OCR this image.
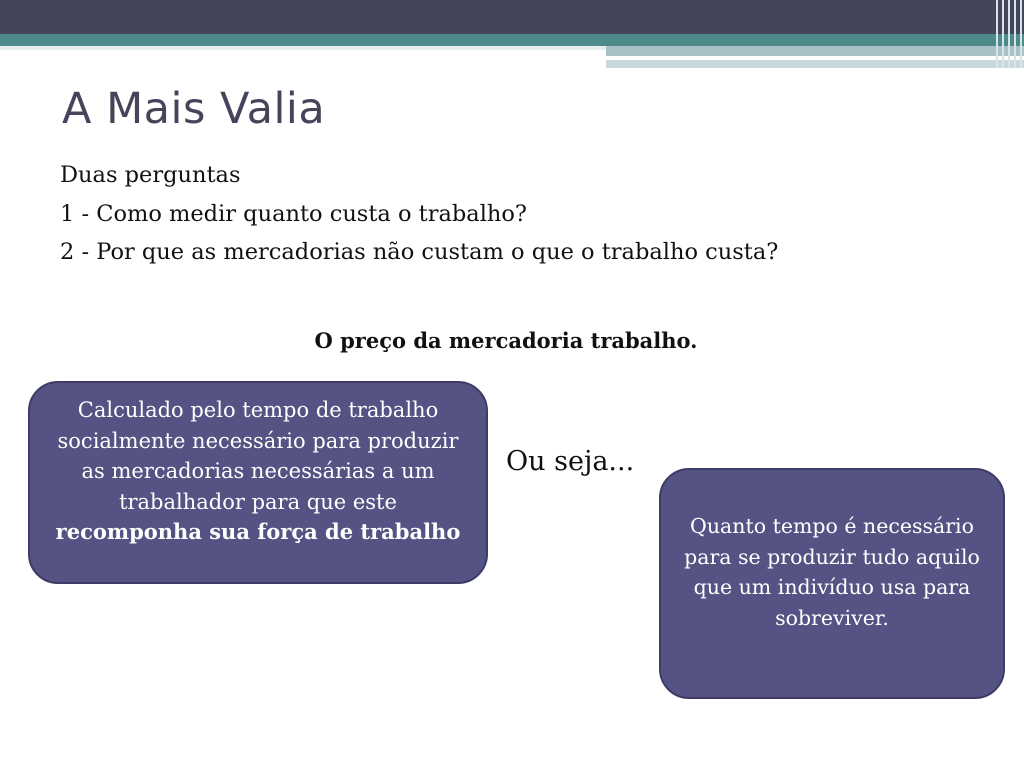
A Mais Valia
Duas perguntas
1 - Como medir quanto custa o trabalho?
2 - Por que as mercadorias não custam o que o trabalho custa?
O preço da mercadoria trabalho.
Calculado pelo tempo de trabalho socialmente necessário para produzir as mercadorias necessárias a um trabalhador para que este recomponha sua força de trabalho
Ou seja...
Quanto tempo é necessário para se produzir tudo aquilo que um indivíduo usa para sobreviver.
